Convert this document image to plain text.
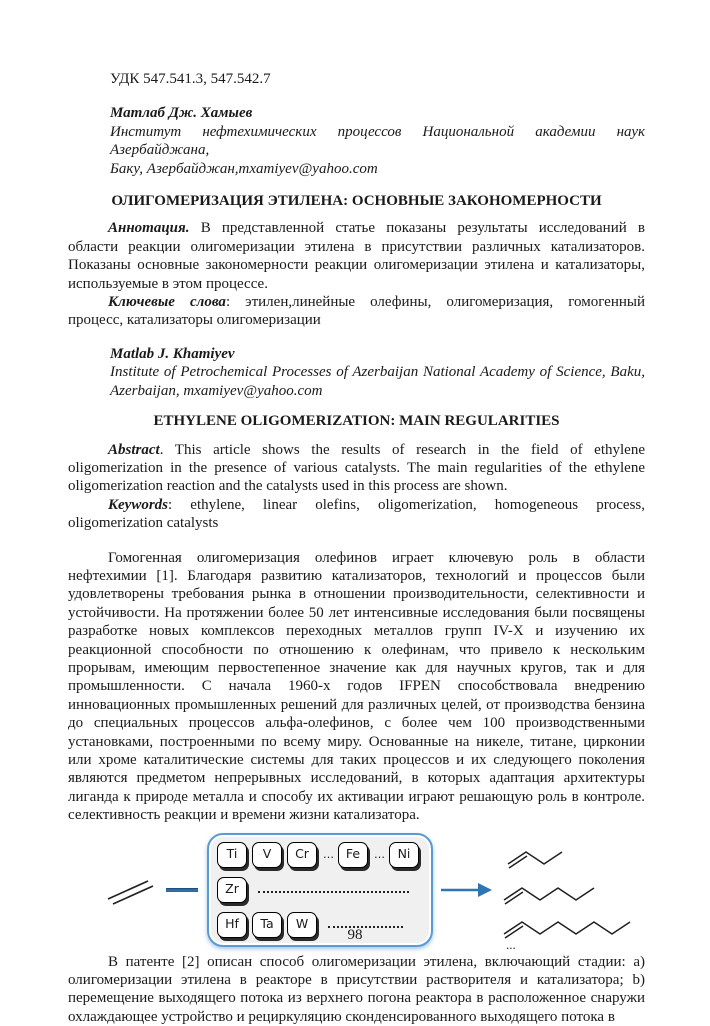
УДК 547.541.3, 547.542.7
Матлаб Дж. Хамыев
Институт нефтехимических процессов Национальной академии наук Азербайджана,
Баку, Азербайджан,mxamiyev@yahoo.com
ОЛИГОМЕРИЗАЦИЯ ЭТИЛЕНА: ОСНОВНЫЕ ЗАКОНОМЕРНОСТИ

Аннотация. В представленной статье показаны результаты исследований в области реакции олигомеризации этилена в присутствии различных катализаторов. Показаны основные закономерности реакции олигомеризации этилена и катализаторы, используемые в этом процессе.

Ключевые слова: этилен,линейные олефины, олигомеризация, гомогенный процесс, катализаторы олигомеризации

Matlab J. Khamiyev
Institute of Petrochemical Processes of Azerbaijan National Academy of Science, Baku, Azerbaijan, mxamiyev@yahoo.com
ETHYLENE OLIGOMERIZATION: MAIN REGULARITIES

Abstract. This article shows the results of research in the field of ethylene oligomerization in the presence of various catalysts. The main regularities of the ethylene oligomerization reaction and the catalysts used in this process are shown.

Keywords: ethylene, linear olefins, oligomerization, homogeneous process, oligomerization catalysts

Гомогенная олигомеризация олефинов играет ключевую роль в области нефтехимии [1]. Благодаря развитию катализаторов, технологий и процессов были удовлетворены требования рынка в отношении производительности, селективности и устойчивости. На протяжении более 50 лет интенсивные исследования были посвящены разработке новых комплексов переходных металлов групп IV-X и изучению их реакционной способности по отношению к олефинам, что привело к нескольким прорывам, имеющим первостепенное значение как для научных кругов, так и для промышленности. С начала 1960-х годов IFPEN способствовала внедрению инновационных промышленных решений для различных целей, от производства бензина до специальных процессов альфа-олефинов, с более чем 100 производственными установками, построенными по всему миру. Основанные на никеле, титане, цирконии или хроме каталитические системы для таких процессов и их следующего поколения являются предметом непрерывных исследований, в которых адаптация архитектуры лиганда к природе металла и способу их активации играют решающую роль в контроле. селективность реакции и времени жизни катализатора.

Ti	V	Cr	… Fe	… Ni
Zr
Hf	Ta	W
...

В патенте [2] описан способ олигомеризации этилена, включающий стадии: а) олигомеризации этилена в реакторе в присутствии растворителя и катализатора; b) перемещение выходящего потока из верхнего погона реактора в расположенное снаружи охлаждающее устройство и рециркуляцию сконденсированного выходящего потока в

98
